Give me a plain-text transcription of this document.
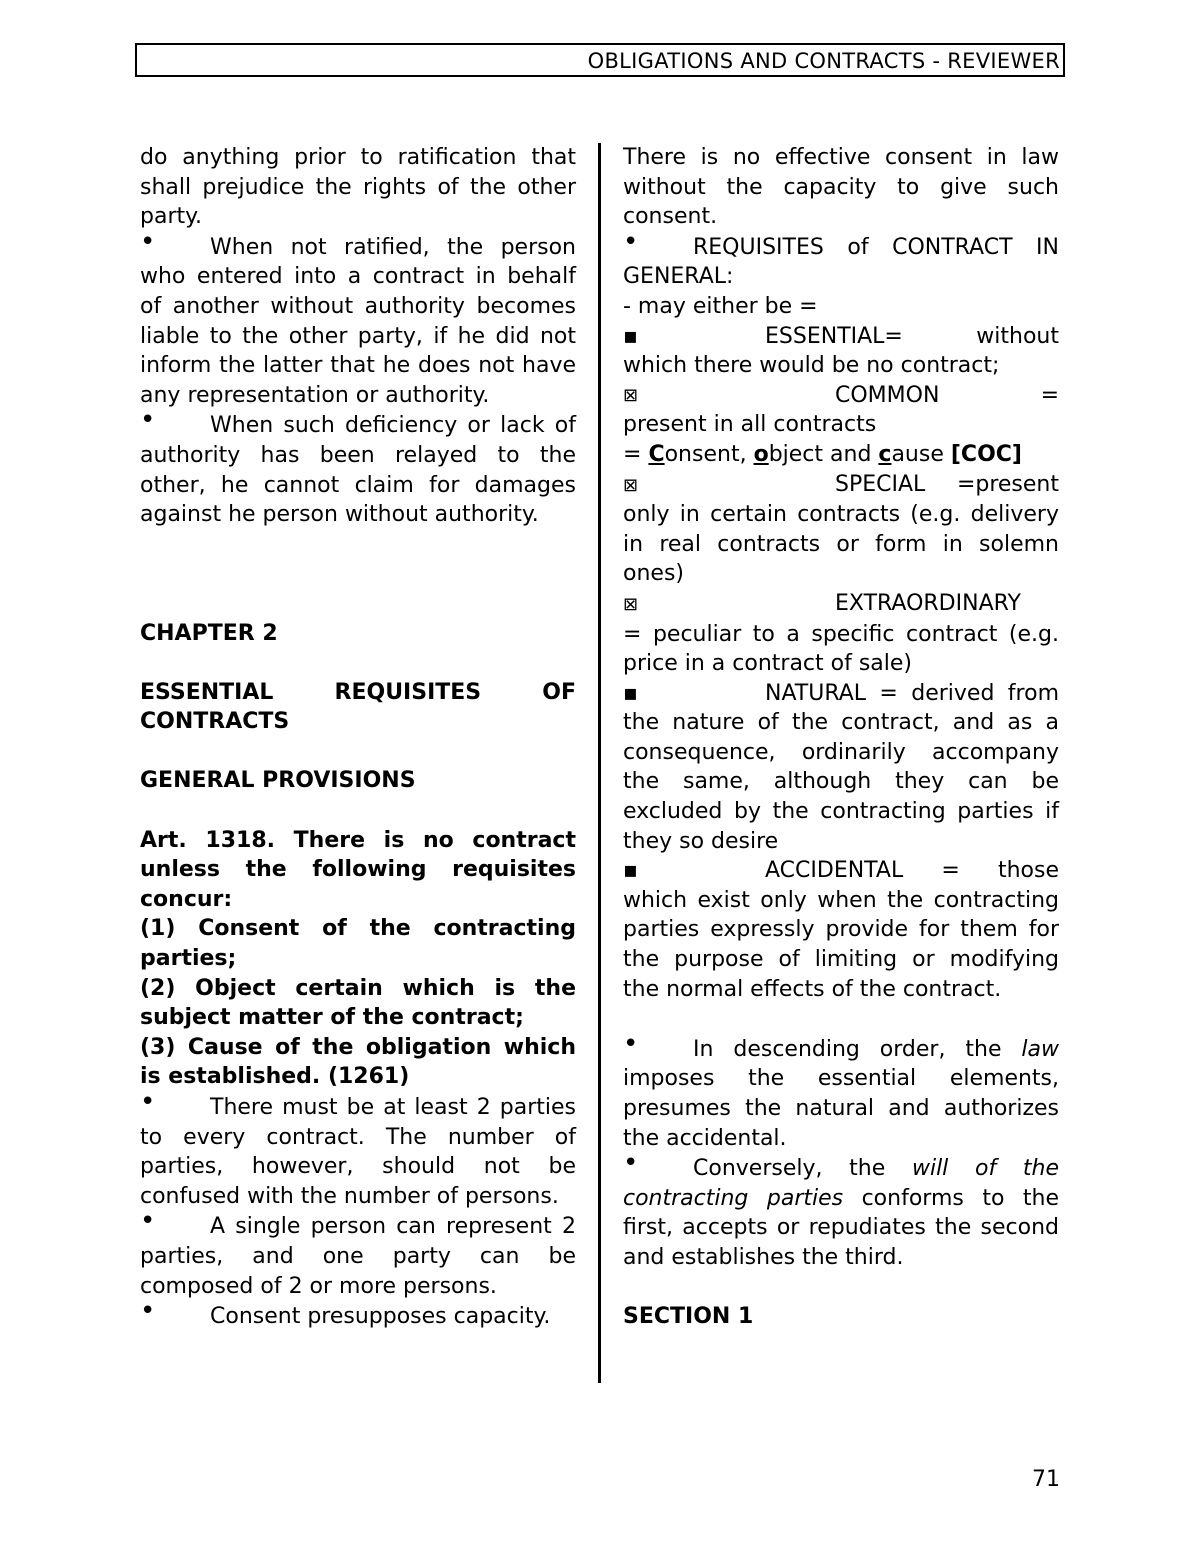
OBLIGATIONS AND CONTRACTS - REVIEWER

do anything prior to ratification that shall prejudice the rights of the other party.

•When not ratified, the person who entered into a contract in behalf of another without authority becomes liable to the other party, if he did not inform the latter that he does not have any representation or authority.

•When such deficiency or lack of authority has been relayed to the other, he cannot claim for damages against he person without authority.

CHAPTER 2

ESSENTIAL REQUISITES OF CONTRACTS

GENERAL PROVISIONS

Art. 1318. There is no contract unless the following requisites concur:

(1) Consent of the contracting parties;

(2) Object certain which is the subject matter of the contract;

(3) Cause of the obligation which is established. (1261)

•There must be at least 2 parties to every contract. The number of parties, however, should not be confused with the number of persons.

•A single person can represent 2 parties, and one party can be composed of 2 or more persons.

•Consent presupposes capacity.

There is no effective consent in law without the capacity to give such consent.

•REQUISITES of CONTRACT IN GENERAL:

- may either be =

▪ESSENTIAL= without which there would be no contract;

⊠	COMMON	=

present in all contracts

= Consent, object and cause [COC]

⊠	SPECIAL =present only in certain contracts (e.g. delivery in real contracts or form in solemn ones)

⊠	EXTRAORDINARY

= peculiar to a specific contract (e.g. price in a contract of sale)

▪NATURAL = derived from the nature of the contract, and as a consequence, ordinarily accompany the same, although they can be excluded by the contracting parties if they so desire

▪ACCIDENTAL = those which exist only when the contracting parties expressly provide for them for the purpose of limiting or modifying the normal effects of the contract.

•In descending order, the law imposes the essential elements, presumes the natural and authorizes the accidental.

•Conversely, the will of the contracting parties conforms to the first, accepts or repudiates the second and establishes the third.

SECTION 1

71
